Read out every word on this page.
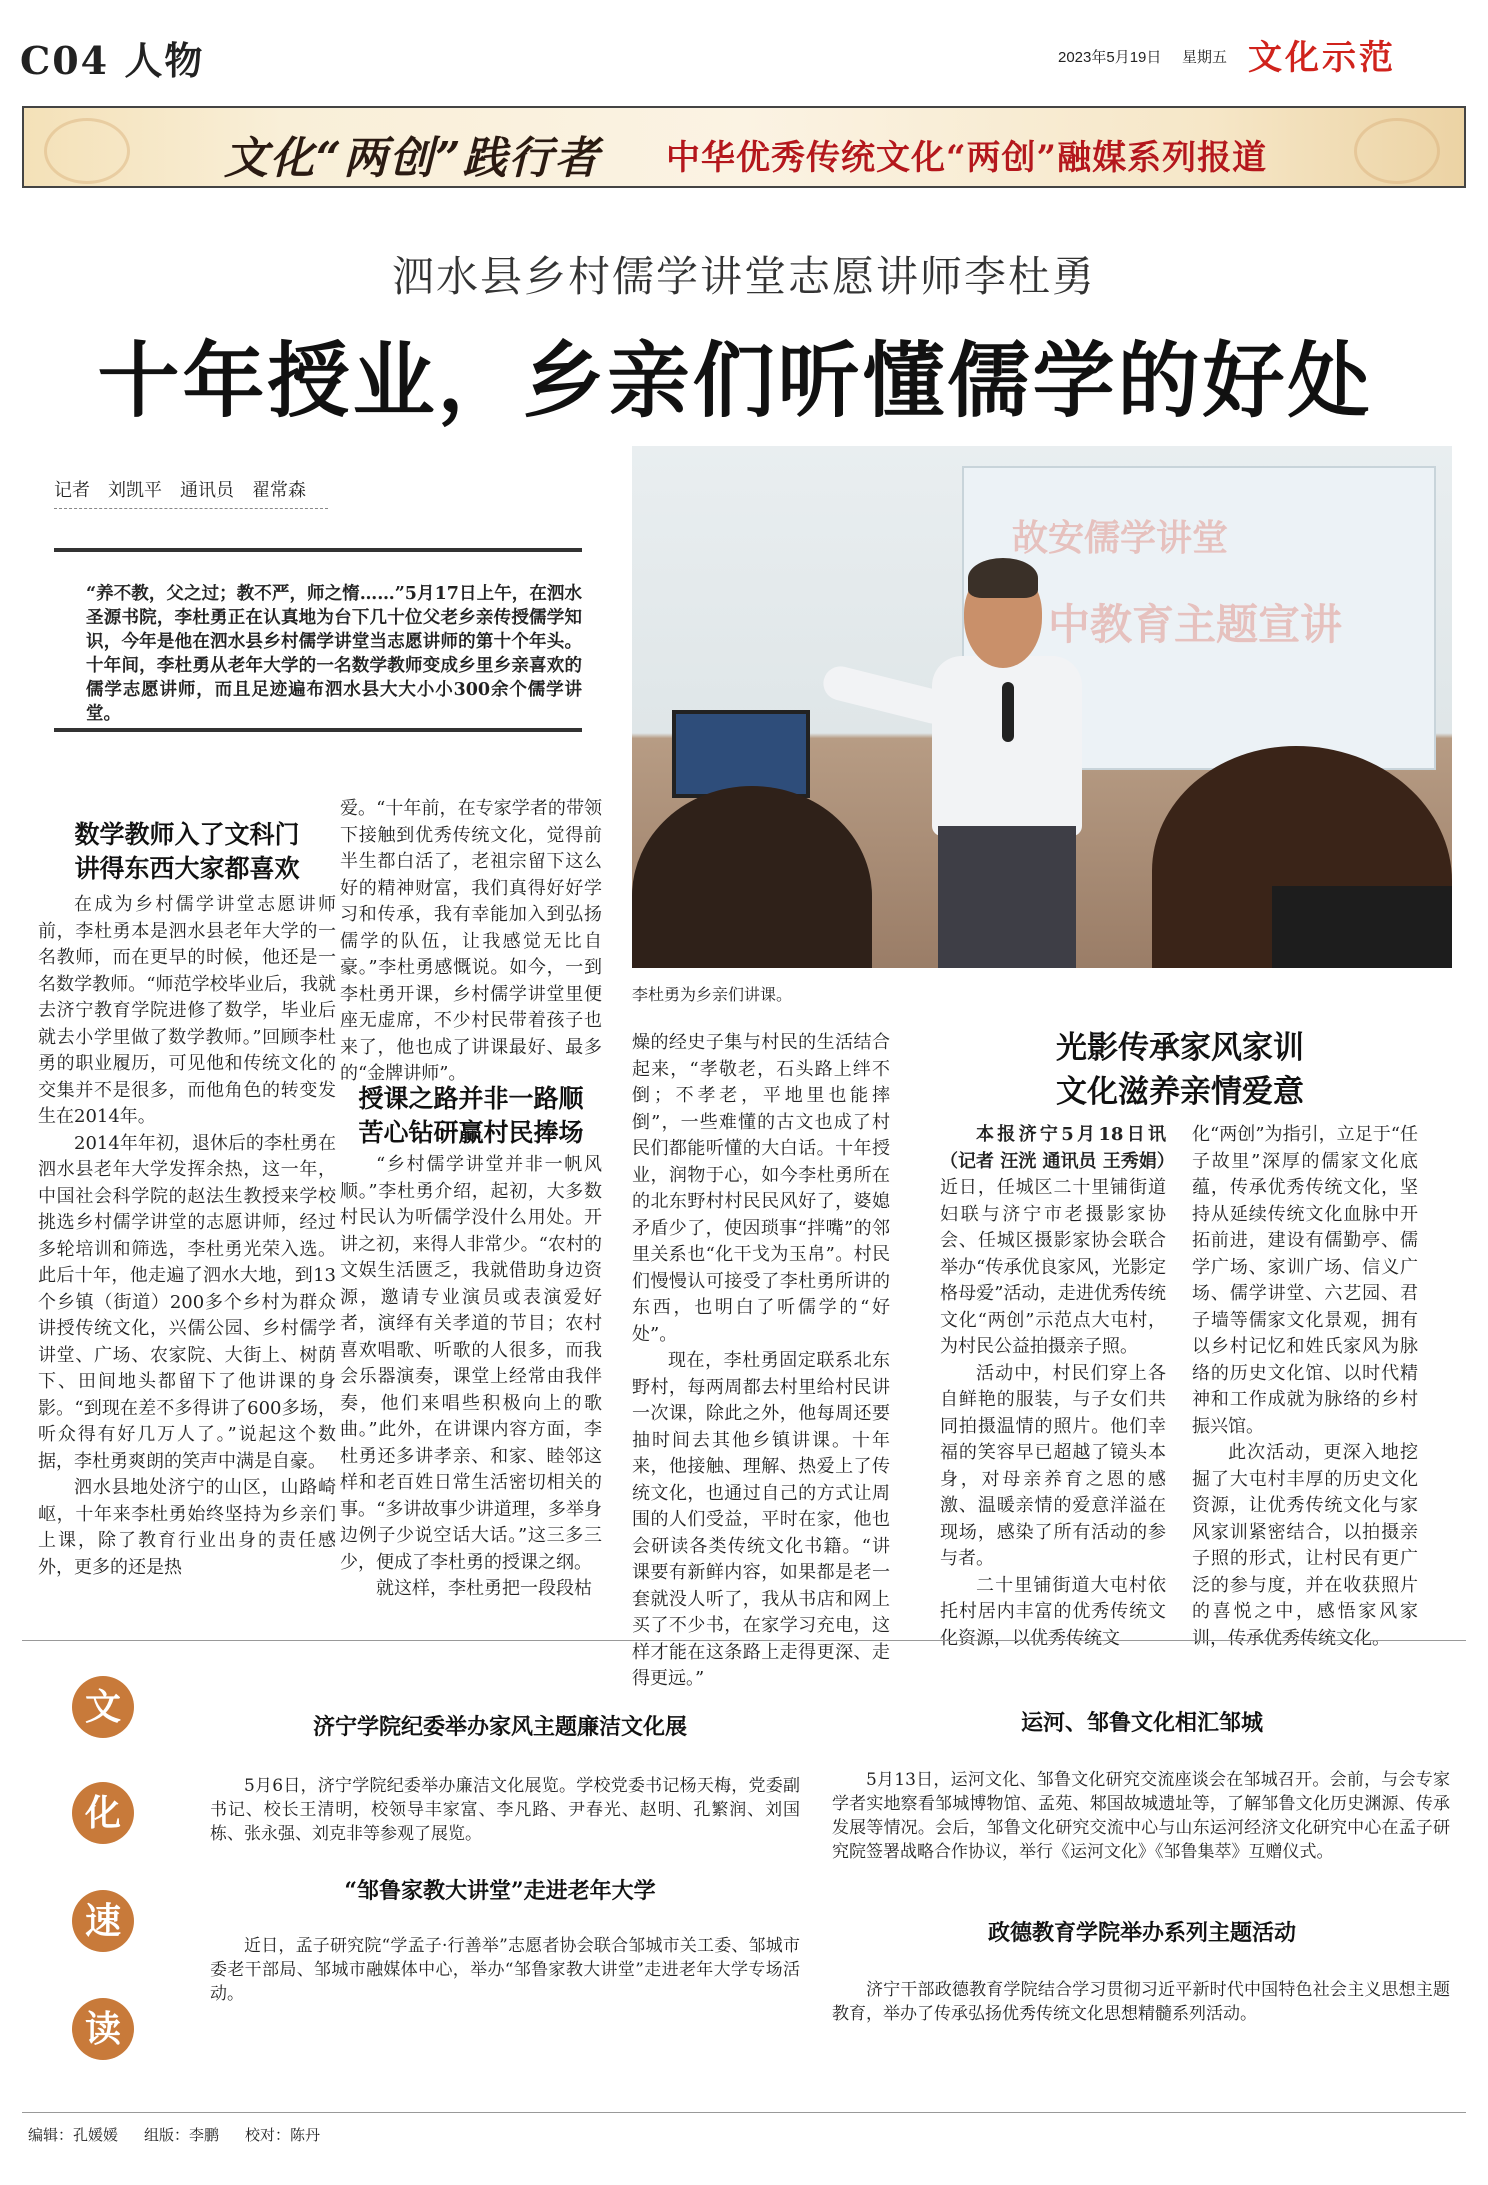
C04 人物	2023年5月19日 星期五 文化示范
文化“两创”践行者 中华优秀传统文化“两创”融媒系列报道
泗水县乡村儒学讲堂志愿讲师李杜勇
十年授业，乡亲们听懂儒学的好处
记者 刘凯平 通讯员 翟常森
“养不教，父之过；教不严，师之惰……”5月17日上午，在泗水圣源书院，李杜勇正在认真地为台下几十位父老乡亲传授儒学知识，今年是他在泗水县乡村儒学讲堂当志愿讲师的第十个年头。十年间，李杜勇从老年大学的一名数学教师变成乡里乡亲喜欢的儒学志愿讲师，而且足迹遍布泗水县大大小小300余个儒学讲堂。
故安儒学讲堂
中教育主题宣讲
李杜勇为乡亲们讲课。
数学教师入了文科门
讲得东西大家都喜欢

在成为乡村儒学讲堂志愿讲师前，李杜勇本是泗水县老年大学的一名教师，而在更早的时候，他还是一名数学教师。“师范学校毕业后，我就去济宁教育学院进修了数学，毕业后就去小学里做了数学教师。”回顾李杜勇的职业履历，可见他和传统文化的交集并不是很多，而他角色的转变发生在2014年。

2014年年初，退休后的李杜勇在泗水县老年大学发挥余热，这一年，中国社会科学院的赵法生教授来学校挑选乡村儒学讲堂的志愿讲师，经过多轮培训和筛选，李杜勇光荣入选。此后十年，他走遍了泗水大地，到13个乡镇（街道）200多个乡村为群众讲授传统文化，兴儒公园、乡村儒学讲堂、广场、农家院、大街上、树荫下、田间地头都留下了他讲课的身影。“到现在差不多得讲了600多场，听众得有好几万人了。”说起这个数据，李杜勇爽朗的笑声中满是自豪。

泗水县地处济宁的山区，山路崎岖，十年来李杜勇始终坚持为乡亲们上课，除了教育行业出身的责任感外，更多的还是热

爱。“十年前，在专家学者的带领下接触到优秀传统文化，觉得前半生都白活了，老祖宗留下这么好的精神财富，我们真得好好学习和传承，我有幸能加入到弘扬儒学的队伍，让我感觉无比自豪。”李杜勇感慨说。如今，一到李杜勇开课，乡村儒学讲堂里便座无虚席，不少村民带着孩子也来了，他也成了讲课最好、最多的“金牌讲师”。

授课之路并非一路顺
苦心钻研赢村民捧场

“乡村儒学讲堂并非一帆风顺。”李杜勇介绍，起初，大多数村民认为听儒学没什么用处。开讲之初，来得人非常少。“农村的文娱生活匮乏，我就借助身边资源，邀请专业演员或表演爱好者，演绎有关孝道的节目；农村喜欢唱歌、听歌的人很多，而我会乐器演奏，课堂上经常由我伴奏，他们来唱些积极向上的歌曲。”此外，在讲课内容方面，李杜勇还多讲孝亲、和家、睦邻这样和老百姓日常生活密切相关的事。“多讲故事少讲道理，多举身边例子少说空话大话。”这三多三少，便成了李杜勇的授课之纲。

就这样，李杜勇把一段段枯

燥的经史子集与村民的生活结合起来，“孝敬老，石头路上绊不倒；不孝老，平地里也能摔倒”，一些难懂的古文也成了村民们都能听懂的大白话。十年授业，润物于心，如今李杜勇所在的北东野村村民民风好了，婆媳矛盾少了，使因琐事“拌嘴”的邻里关系也“化干戈为玉帛”。村民们慢慢认可接受了李杜勇所讲的东西，也明白了听儒学的“好处”。

现在，李杜勇固定联系北东野村，每两周都去村里给村民讲一次课，除此之外，他每周还要抽时间去其他乡镇讲课。十年来，他接触、理解、热爱上了传统文化，也通过自己的方式让周围的人们受益，平时在家，他也会研读各类传统文化书籍。“讲课要有新鲜内容，如果都是老一套就没人听了，我从书店和网上买了不少书，在家学习充电，这样才能在这条路上走得更深、走得更远。”

光影传承家风家训
文化滋养亲情爱意

本报济宁5月18日讯（记者 汪洸 通讯员 王秀娟）

近日，任城区二十里铺街道妇联与济宁市老摄影家协会、任城区摄影家协会联合举办“传承优良家风，光影定格母爱”活动，走进优秀传统文化“两创”示范点大屯村，为村民公益拍摄亲子照。

活动中，村民们穿上各自鲜艳的服装，与子女们共同拍摄温情的照片。他们幸福的笑容早已超越了镜头本身，对母亲养育之恩的感激、温暖亲情的爱意洋溢在现场，感染了所有活动的参与者。

二十里铺街道大屯村依托村居内丰富的优秀传统文化资源，以优秀传统文

化“两创”为指引，立足于“任子故里”深厚的儒家文化底蕴，传承优秀传统文化，坚持从延续传统文化血脉中开拓前进，建设有儒勤亭、儒学广场、家训广场、信义广场、儒学讲堂、六艺园、君子墙等儒家文化景观，拥有以乡村记忆和姓氏家风为脉络的历史文化馆、以时代精神和工作成就为脉络的乡村振兴馆。

此次活动，更深入地挖掘了大屯村丰厚的历史文化资源，让优秀传统文化与家风家训紧密结合，以拍摄亲子照的形式，让村民有更广泛的参与度，并在收获照片的喜悦之中，感悟家风家训，传承优秀传统文化。

文
化
速
读
济宁学院纪委举办家风主题廉洁文化展

5月6日，济宁学院纪委举办廉洁文化展览。学校党委书记杨天梅，党委副书记、校长王清明，校领导丰家富、李凡路、尹春光、赵明、孔繁润、刘国栋、张永强、刘克非等参观了展览。

“邹鲁家教大讲堂”走进老年大学

近日，孟子研究院“学孟子·行善举”志愿者协会联合邹城市关工委、邹城市委老干部局、邹城市融媒体中心，举办“邹鲁家教大讲堂”走进老年大学专场活动。

运河、邹鲁文化相汇邹城

5月13日，运河文化、邹鲁文化研究交流座谈会在邹城召开。会前，与会专家学者实地察看邹城博物馆、孟苑、邾国故城遗址等，了解邹鲁文化历史渊源、传承发展等情况。会后，邹鲁文化研究交流中心与山东运河经济文化研究中心在孟子研究院签署战略合作协议，举行《运河文化》《邹鲁集萃》互赠仪式。

政德教育学院举办系列主题活动

济宁干部政德教育学院结合学习贯彻习近平新时代中国特色社会主义思想主题教育，举办了传承弘扬优秀传统文化思想精髓系列活动。

编辑：孔媛媛 组版：李鹏 校对：陈丹
